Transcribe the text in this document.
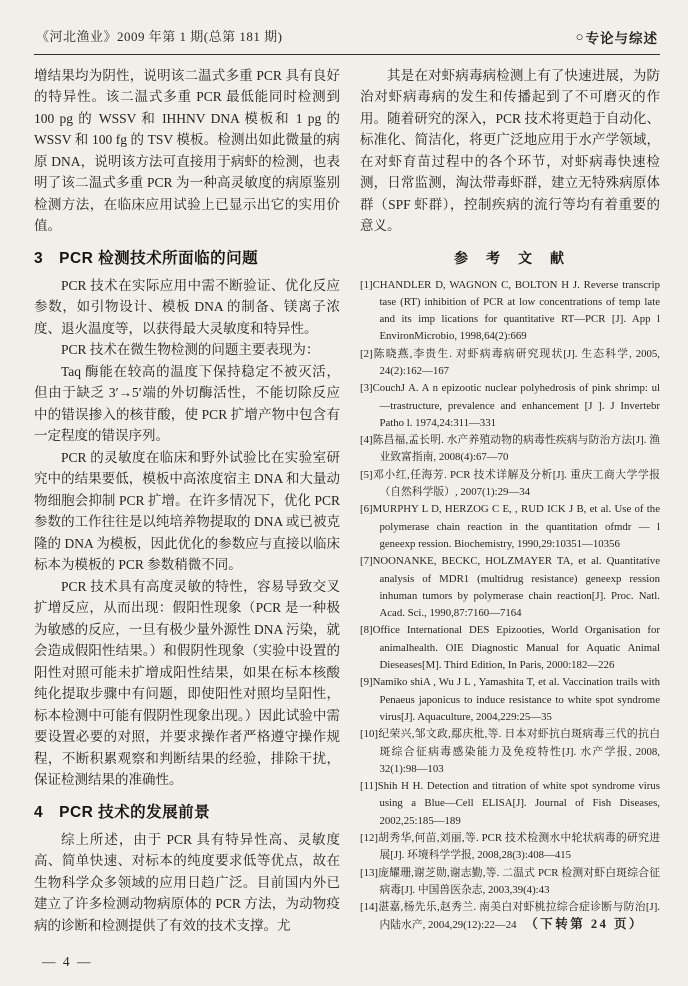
《河北渔业》2009 年第 1 期(总第 181 期)	○ 专论与综述

增结果均为阴性，说明该二温式多重 PCR 具有良好的特异性。该二温式多重 PCR 最低能同时检测到 100 pg 的 WSSV 和 IHHNV DNA 模板和 1 pg 的 WSSV 和 100 fg 的 TSV 模板。检测出如此微量的病原 DNA，说明该方法可直接用于病虾的检测，也表明了该二温式多重 PCR 为一种高灵敏度的病原鉴别检测方法，在临床应用试验上已显示出它的实用价值。

3　PCR 检测技术所面临的问题

PCR 技术在实际应用中需不断验证、优化反应参数，如引物设计、模板 DNA 的制备、镁离子浓度、退火温度等，以获得最大灵敏度和特异性。

PCR 技术在微生物检测的问题主要表现为：

Taq 酶能在较高的温度下保持稳定不被灭活，但由于缺乏 3′→5′端的外切酶活性，不能切除反应中的错误掺入的核苷酸，使 PCR 扩增产物中包含有一定程度的错误序列。

PCR 的灵敏度在临床和野外试验比在实验室研究中的结果要低，模板中高浓度宿主 DNA 和大量动物细胞会抑制 PCR 扩增。在许多情况下，优化 PCR 参数的工作往往是以纯培养物提取的 DNA 或已被克隆的 DNA 为模板，因此优化的参数应与直接以临床标本为模板的 PCR 参数稍微不同。

PCR 技术具有高度灵敏的特性，容易导致交叉扩增反应，从而出现：假阳性现象（PCR 是一种极为敏感的反应，一旦有极少量外源性 DNA 污染，就会造成假阳性结果。）和假阴性现象（实验中设置的阳性对照可能未扩增成阳性结果，如果在标本核酸纯化提取步骤中有问题，即使阳性对照均呈阳性，标本检测中可能有假阴性现象出现。）因此试验中需要设置必要的对照，并要求操作者严格遵守操作规程，不断积累观察和判断结果的经验，排除干扰，保证检测结果的准确性。

4　PCR 技术的发展前景

综上所述，由于 PCR 具有特异性高、灵敏度高、简单快速、对标本的纯度要求低等优点，故在生物科学众多领域的应用日趋广泛。目前国内外已建立了许多检测动物病原体的 PCR 方法，为动物疫病的诊断和检测提供了有效的技术支撑。尤

其是在对虾病毒病检测上有了快速进展，为防治对虾病毒病的发生和传播起到了不可磨灭的作用。随着研究的深入，PCR 技术将更趋于自动化、标准化、简洁化，将更广泛地应用于水产学领域，在对虾育苗过程中的各个环节，对虾病毒快速检测，日常监测，淘汰带毒虾群，建立无特殊病原体群（SPF 虾群），控制疾病的流行等均有着重要的意义。

参　考　文　献
[1]CHANDLER D, WAGNON C, BOLTON H J. Reverse transcrip tase (RT) inhibition of PCR at low concentrations of temp late and its imp lications for quantitative RT—PCR [J]. App l EnvironMicrobio, 1998,64(2):669
[2]陈晓燕,李贵生. 对虾病毒病研究现状[J]. 生态科学, 2005, 24(2):162—167
[3]CouchJ A. A n epizootic nuclear polyhedrosis of pink shrimp: ul—trastructure, prevalence and enhancement [J ]. J Invertebr Patho l. 1974,24:311—331
[4]陈昌福,孟长明. 水产养殖动物的病毒性疾病与防治方法[J]. 渔业致富指南, 2008(4):67—70
[5]邓小红,任海芳. PCR 技术详解及分析[J]. 重庆工商大学学报（自然科学版）, 2007(1):29—34
[6]MURPHY L D, HERZOG C E, , RUD ICK J B, et al. Use of the polymerase chain reaction in the quantitation ofmdr — l geneexp ression. Biochemistry, 1990,29:10351—10356
[7]NOONANKE, BECKC, HOLZMAYER TA, et al. Quantitative analysis of MDR1 (multidrug resistance) geneexp ression inhuman tumors by polymerase chain reaction[J]. Proc. Natl. Acad. Sci., 1990,87:7160—7164
[8]Office International DES Epizooties, World Organisation for animalhealth. OIE Diagnostic Manual for Aquatic Animal Dieseases[M]. Third Edition, In Paris, 2000:182—226
[9]Namiko shiA , Wu J L , Yamashita T, et al. Vaccination trails with Penaeus japonicus to induce resistance to white spot syndrome virus[J]. Aquaculture, 2004,229:25—35
[10]纪荣兴,邹文政,鄢庆枇,等. 日本对虾抗白斑病毒三代的抗白斑综合征病毒感染能力及免疫特性[J]. 水产学报, 2008, 32(1):98—103
[11]Shih H H. Detection and titration of white spot syndrome virus using a Blue—Cell ELISA[J]. Journal of Fish Diseases, 2002,25:185—189
[12]胡秀华,何苗,刘丽,等. PCR 技术检测水中轮状病毒的研究进展[J]. 环境科学学报, 2008,28(3):408—415
[13]庞耀珊,谢芝勋,谢志勤,等. 二温式 PCR 检测对虾白斑综合征病毒[J]. 中国兽医杂志, 2003,39(4):43
[14]湛嘉,杨先乐,赵秀兰. 南美白对虾桃拉综合症诊断与防治[J]. 内陆水产, 2004,29(12):22—24 （下转第 24 页）
— 4 —
